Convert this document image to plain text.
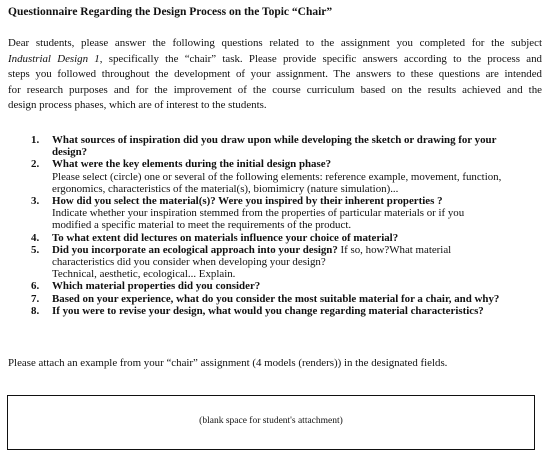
Questionnaire Regarding the Design Process on the Topic “Chair”
Dear students, please answer the following questions related to the assignment you completed for the subject
Industrial Design 1, specifically the “chair” task. Please provide specific answers according to the process and
steps you followed throughout the development of your assignment. The answers to these questions are intended
for research purposes and for the improvement of the course curriculum based on the results achieved and the
design process phases, which are of interest to the students.
1. What sources of inspiration did you draw upon while developing the sketch or drawing for your
design?
2. What were the key elements during the initial design phase?
Please select (circle) one or several of the following elements: reference example, movement, function,
ergonomics, characteristics of the material(s), biomimicry (nature simulation)...
3. How did you select the material(s)? Were you inspired by their inherent properties ?
Indicate whether your inspiration stemmed from the properties of particular materials or if you
modified a specific material to meet the requirements of the product.
4. To what extent did lectures on materials influence your choice of material?
5. Did you incorporate an ecological approach into your design? If so, how?What material
characteristics did you consider when developing your design?
Technical, aesthetic, ecological... Explain.
6. Which material properties did you consider?
7. Based on your experience, what do you consider the most suitable material for a chair, and why?
8. If you were to revise your design, what would you change regarding material characteristics?
Please attach an example from your “chair” assignment (4 models (renders)) in the designated fields.
(blank space for student's attachment)
